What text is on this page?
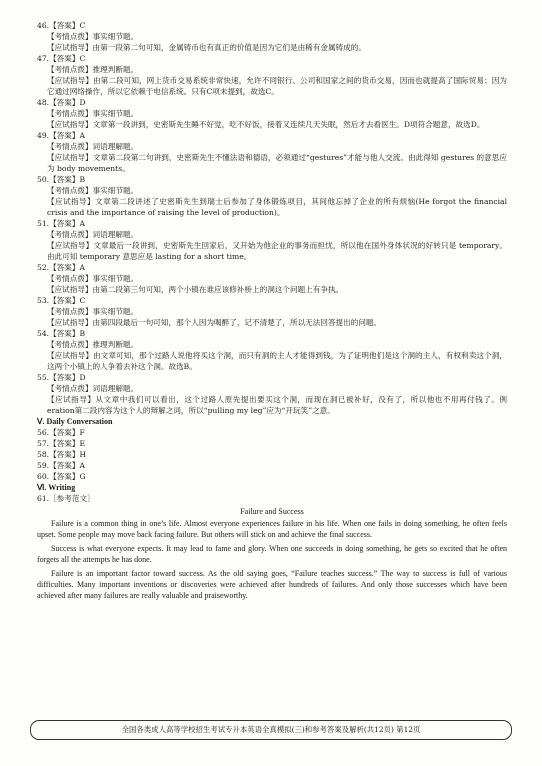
46.【答案】C
【考情点拨】事实细节题。
【应试指导】由第一段第二句可知，金属铸币也有真正的价值是因为它们是由稀有金属铸成的。
47.【答案】C
【考情点拨】推理判断题。
【应试指导】由第二段可知，网上货币交易系统非常快速，允许不同银行、公司和国家之间的货币交易，因而也就提高了国际贸易；因为它通过网络操作，所以它依赖于电信系统。只有C项未提到，故选C。
48.【答案】D
【考情点拨】事实细节题。
【应试指导】文章第一段讲到，史密斯先生睡不好觉，吃不好饭，接着又连续几天失眠，然后才去看医生。D项符合题意，故选D。
49.【答案】A
【考情点拨】词语理解题。
【应试指导】文章第二段第二句讲到，史密斯先生不懂法语和德语，必须通过“gestures”才能与他人交流。由此得知 gestures 的意思应为 body movements。
50.【答案】B
【考情点拨】事实细节题。
【应试指导】文章第二段讲述了史密斯先生到瑞士后参加了身体锻炼项目，其间他忘掉了企业的所有烦恼(He forgot the financial crisis and the importance of raising the level of production)。
51.【答案】A
【考情点拨】词语理解题。
【应试指导】文章最后一段讲到，史密斯先生回家后，又开始为他企业的事务而担忧，所以他在国外身体状况的好转只是 temporary。由此可知 temporary 意思应是 lasting for a short time。
52.【答案】A
【考情点拨】事实细节题。
【应试指导】由第二段第三句可知，两个小镇在谁应该修补桥上的洞这个问题上有争执。
53.【答案】C
【考情点拨】事实细节题。
【应试指导】由第四段最后一句可知，那个人因为喝醉了，记不清楚了，所以无法回答提出的问题。
54.【答案】B
【考情点拨】推理判断题。
【应试指导】由文章可知，那个过路人说他将买这个洞，而只有洞的主人才能得到钱，为了证明他们是这个洞的主人，有权利卖这个洞，这两个小镇上的人争着去补这个洞。故选B。
55.【答案】D
【考情点拨】词语理解题。
【应试指导】从文章中我们可以看出，这个过路人原先提出要买这个洞，而现在洞已被补好，没有了，所以他也不用再付钱了。例eration第二段内容为这个人的辩解之词，所以“pulling my leg”应为“开玩笑”之意。
Ⅴ. Daily Conversation
56.【答案】F
57.【答案】E
58.【答案】H
59.【答案】A
60.【答案】G
Ⅵ. Writing
61.［参考范文］
Failure and Success
Failure is a common thing in one’s life. Almost everyone experiences failure in his life. When one fails in doing something, he often feels upset. Some people may move back facing failure. But others will stick on and achieve the final success.
Success is what everyone expects. It may lead to fame and glory. When one succeeds in doing something, he gets so excited that he often forgets all the attempts he has done.
Failure is an important factor toward success. As the old saying goes, “Failure teaches success.” The way to success is full of various difficulties. Many important inventions or discoveries were achieved after hundreds of failures. And only those successes which have been achieved after many failures are really valuable and praiseworthy.
全国各类成人高等学校招生考试专升本英语全真模拟(三)和参考答案及解析(共12页) 第12页
